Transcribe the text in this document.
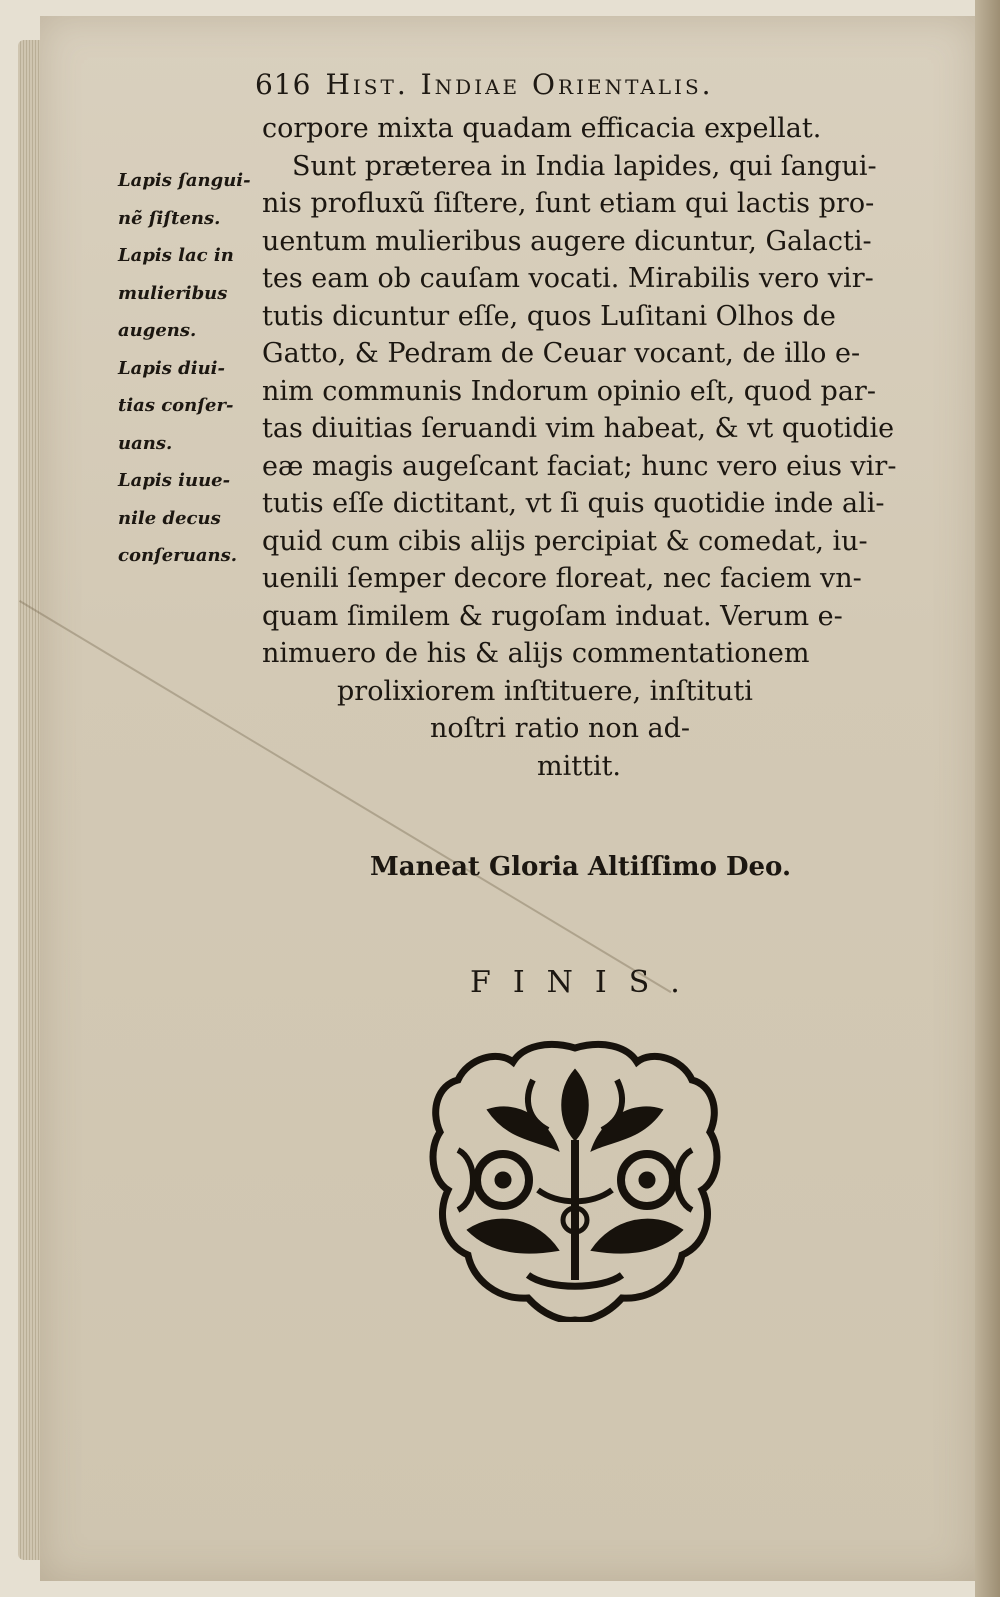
616 Hist. Indiae Orientalis.
Lapis ſangui-
nẽ ſiſtens.
Lapis lac in
mulieribus
augens.
Lapis diui-
tias conſer-
uans.
Lapis iuue-
nile decus
conſeruans.
corpore mixta quadam efficacia expellat.
Sunt præterea in India lapides, qui ſangui-
nis profluxũ ſiſtere, ſunt etiam qui lactis pro-
uentum mulieribus augere dicuntur, Galacti-
tes eam ob cauſam vocati. Mirabilis vero vir-
tutis dicuntur eſſe, quos Luſitani Olhos de
Gatto, & Pedram de Ceuar vocant, de illo e-
nim communis Indorum opinio eſt, quod par-
tas diuitias ſeruandi vim habeat, & vt quotidie
eæ magis augeſcant faciat; hunc vero eius vir-
tutis eſſe dictitant, vt ſi quis quotidie inde ali-
quid cum cibis alijs percipiat & comedat, iu-
uenili ſemper decore floreat, nec faciem vn-
quam ſimilem & rugoſam induat. Verum e-
nimuero de his & alijs commentationem
prolixiorem inſtituere, inſtituti
noſtri ratio non ad-
mittit.
Maneat Gloria Altiſſimo Deo.
FINIS.
